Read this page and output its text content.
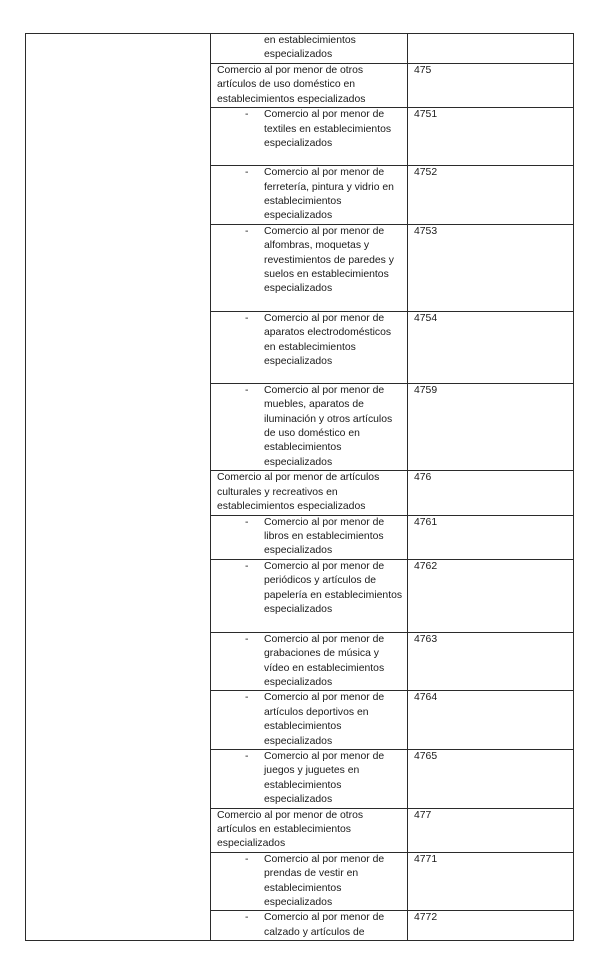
	en establecimientos especializados	

	Comercio al por menor de otros artículos de uso doméstico en establecimientos especializados	475

	- Comercio al por menor de textiles en establecimientos especializados	4751

	- Comercio al por menor de ferretería, pintura y vidrio en establecimientos especializados	4752

	- Comercio al por menor de alfombras, moquetas y revestimientos de paredes y suelos en establecimientos especializados	4753

	- Comercio al por menor de aparatos electrodomésticos en establecimientos especializados	4754

	- Comercio al por menor de muebles, aparatos de iluminación y otros artículos de uso doméstico en establecimientos especializados	4759

	Comercio al por menor de artículos culturales y recreativos en establecimientos especializados	476

	- Comercio al por menor de libros en establecimientos especializados	4761

	- Comercio al por menor de periódicos y artículos de papelería en establecimientos especializados	4762

	- Comercio al por menor de grabaciones de música y vídeo en establecimientos especializados	4763

	- Comercio al por menor de artículos deportivos en establecimientos especializados	4764

	- Comercio al por menor de juegos y juguetes en establecimientos especializados	4765

	Comercio al por menor de otros artículos en establecimientos especializados	477

	- Comercio al por menor de prendas de vestir en establecimientos especializados	4771

	- Comercio al por menor de calzado y artículos de	4772
